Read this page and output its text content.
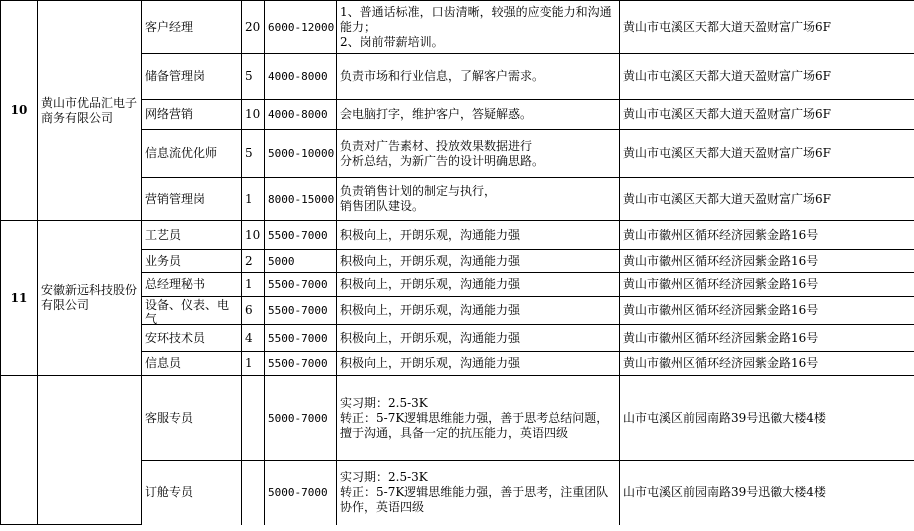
10	黄山市优品汇电子商务有限公司	客户经理	20	6000-12000	1、普通话标准，口齿清晰，较强的应变能力和沟通能力；
2、岗前带薪培训。	黄山市屯溪区天都大道天盈财富广场6F
		储备管理岗	5	4000-8000	负责市场和行业信息，了解客户需求。	黄山市屯溪区天都大道天盈财富广场6F
		网络营销	10	4000-8000	会电脑打字，维护客户，答疑解惑。	黄山市屯溪区天都大道天盈财富广场6F
		信息流优化师	5	5000-10000	负责对广告素材、投放效果数据进行
分析总结，为新广告的设计明确思路。	黄山市屯溪区天都大道天盈财富广场6F
		营销管理岗	1	8000-15000	负责销售计划的制定与执行，
销售团队建设。	黄山市屯溪区天都大道天盈财富广场6F
11	安徽新远科技股份有限公司	工艺员	10	5500-7000	积极向上，开朗乐观，沟通能力强	黄山市徽州区循环经济园紫金路16号
		业务员	2	5000	积极向上，开朗乐观，沟通能力强	黄山市徽州区循环经济园紫金路16号
		总经理秘书	1	5500-7000	积极向上，开朗乐观，沟通能力强	黄山市徽州区循环经济园紫金路16号

		设备、仪表、电气	6	5500-7000	积极向上，开朗乐观，沟通能力强	黄山市徽州区循环经济园紫金路16号
		安环技术员	4	5500-7000	积极向上，开朗乐观，沟通能力强	黄山市徽州区循环经济园紫金路16号
		信息员	1	5500-7000	积极向上，开朗乐观，沟通能力强	黄山市徽州区循环经济园紫金路16号
		客服专员		5000-7000	实习期：2.5-3K
转正：5-7K逻辑思维能力强，善于思考总结问题，擅于沟通，具备一定的抗压能力，英语四级	山市屯溪区前园南路39号迅徽大楼4楼
		订舱专员		5000-7000	实习期：2.5-3K
转正：5-7K逻辑思维能力强，善于思考，注重团队协作，英语四级	山市屯溪区前园南路39号迅徽大楼4楼
